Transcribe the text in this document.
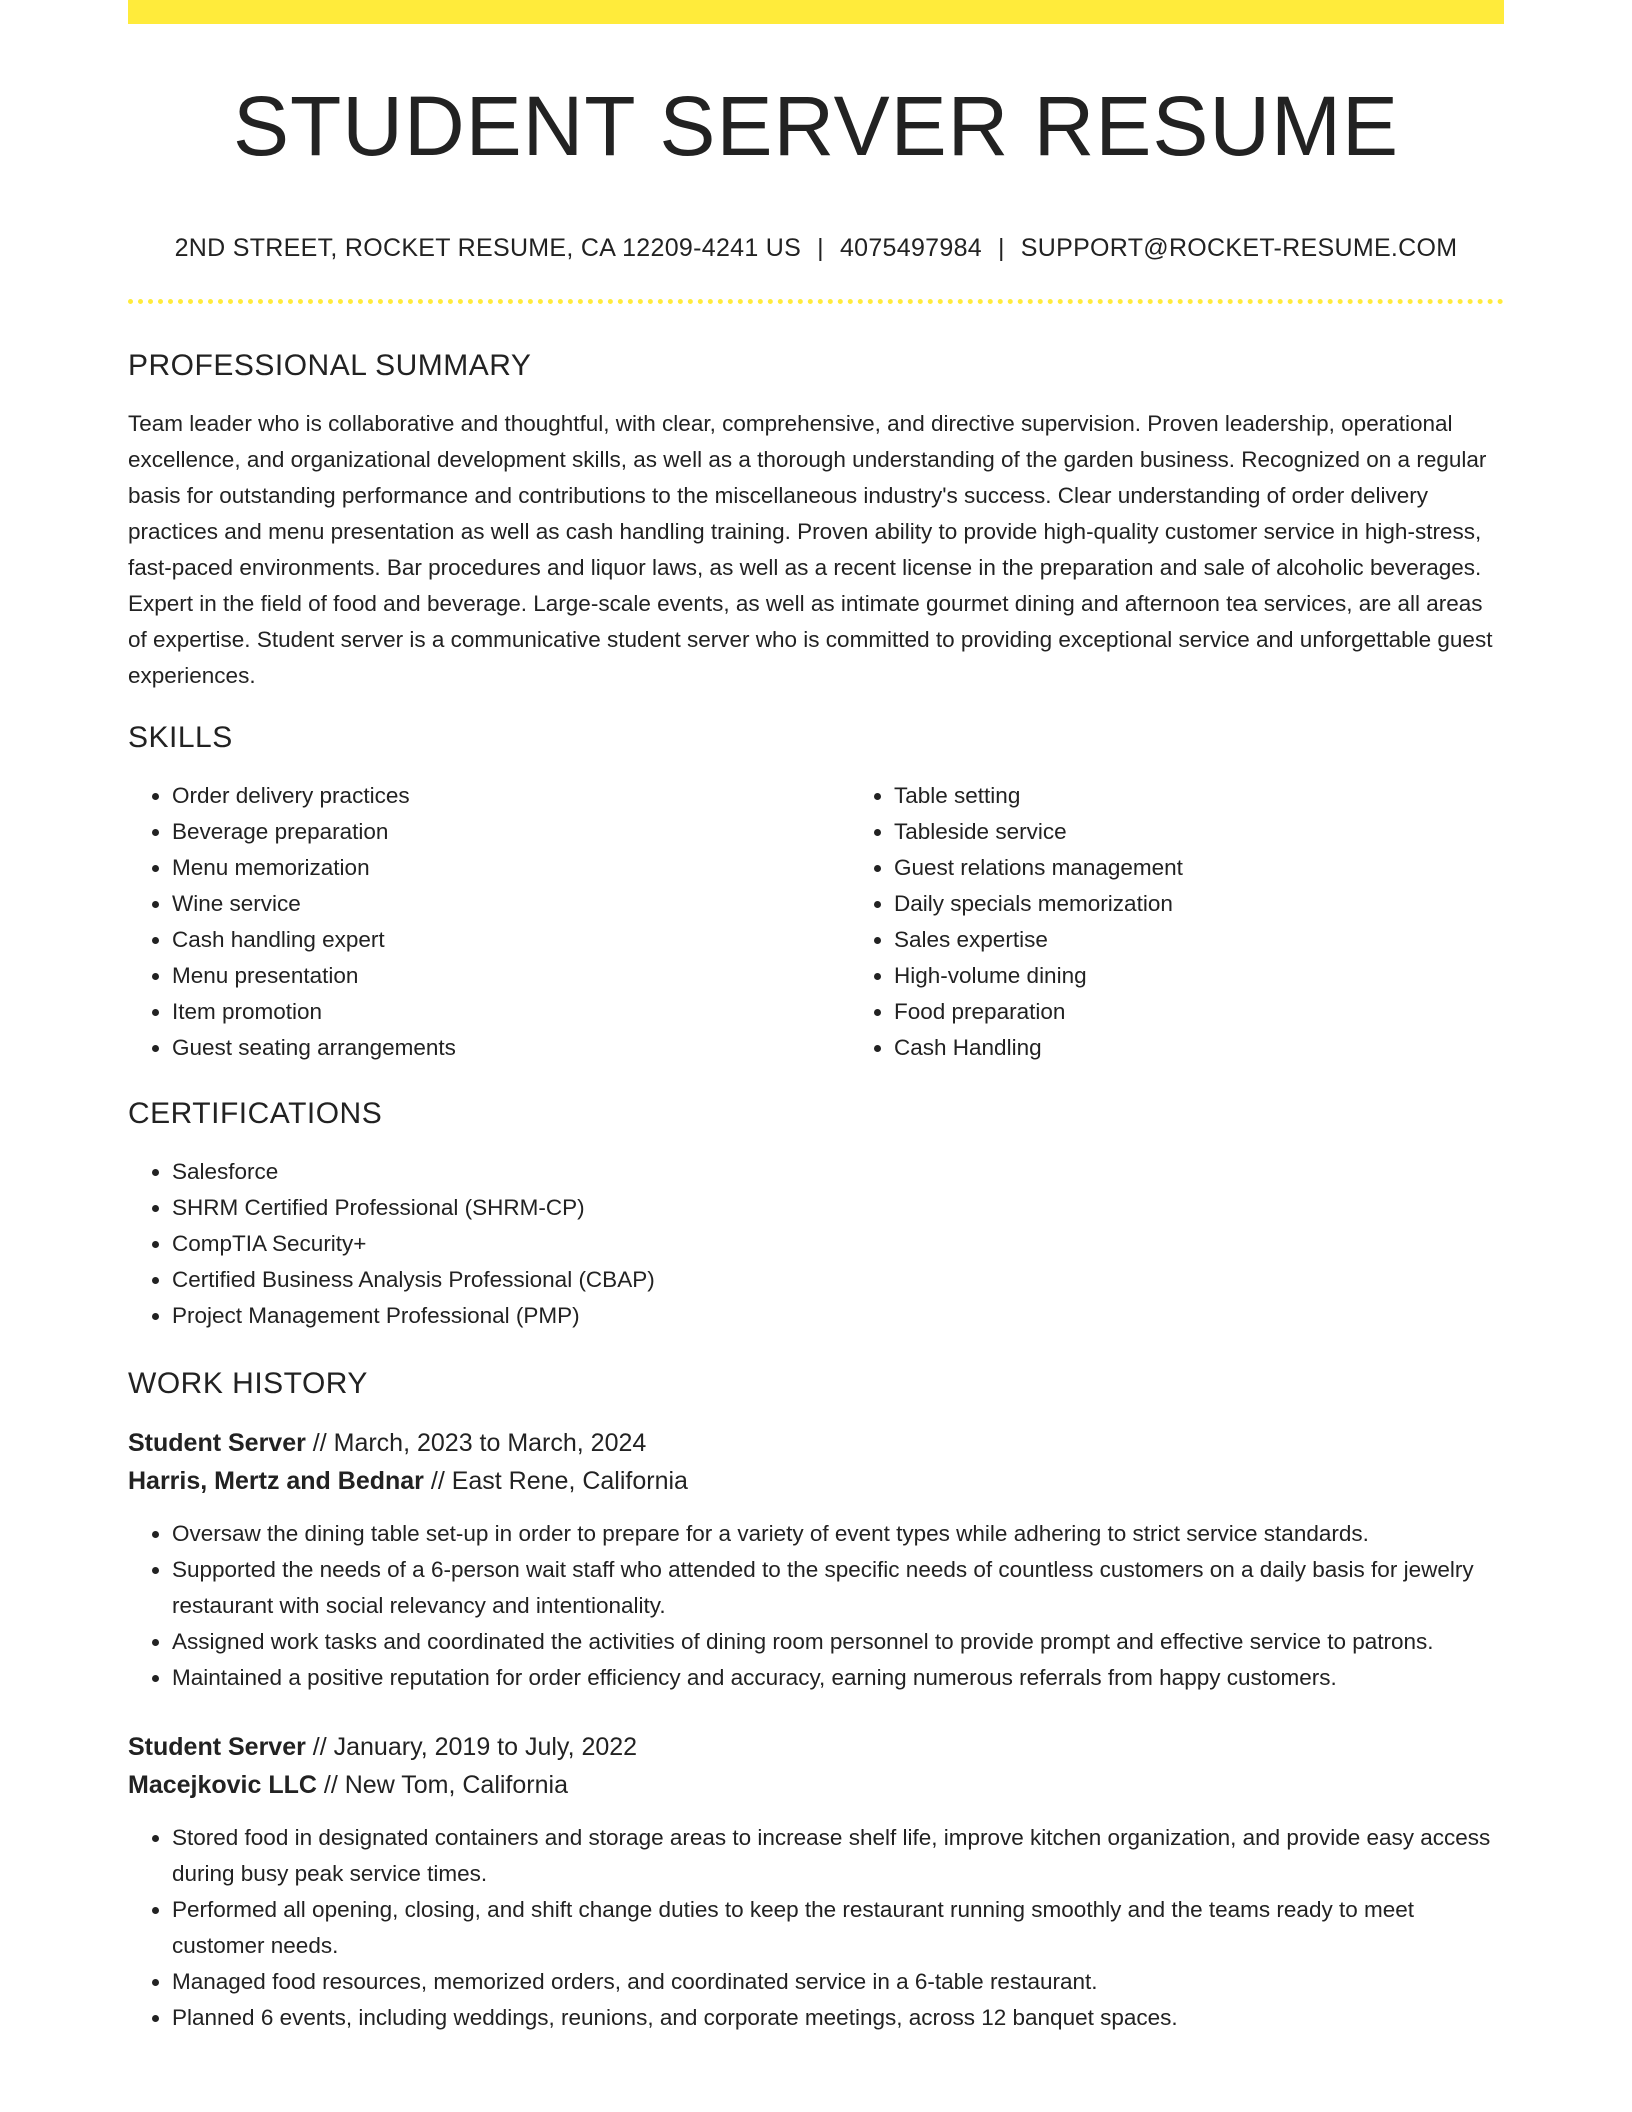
STUDENT SERVER RESUME
2ND STREET, ROCKET RESUME, CA 12209-4241 US | 4075497984 | SUPPORT@ROCKET-RESUME.COM
PROFESSIONAL SUMMARY
Team leader who is collaborative and thoughtful, with clear, comprehensive, and directive supervision. Proven leadership, operational excellence, and organizational development skills, as well as a thorough understanding of the garden business. Recognized on a regular basis for outstanding performance and contributions to the miscellaneous industry's success. Clear understanding of order delivery practices and menu presentation as well as cash handling training. Proven ability to provide high-quality customer service in high-stress, fast-paced environments. Bar procedures and liquor laws, as well as a recent license in the preparation and sale of alcoholic beverages. Expert in the field of food and beverage. Large-scale events, as well as intimate gourmet dining and afternoon tea services, are all areas of expertise. Student server is a communicative student server who is committed to providing exceptional service and unforgettable guest experiences.
SKILLS
• Order delivery practices
• Beverage preparation
• Menu memorization
• Wine service
• Cash handling expert
• Menu presentation
• Item promotion
• Guest seating arrangements
• Table setting
• Tableside service
• Guest relations management
• Daily specials memorization
• Sales expertise
• High-volume dining
• Food preparation
• Cash Handling
CERTIFICATIONS
• Salesforce
• SHRM Certified Professional (SHRM-CP)
• CompTIA Security+
• Certified Business Analysis Professional (CBAP)
• Project Management Professional (PMP)
WORK HISTORY
Student Server // March, 2023 to March, 2024
Harris, Mertz and Bednar // East Rene, California
• Oversaw the dining table set-up in order to prepare for a variety of event types while adhering to strict service standards.
• Supported the needs of a 6-person wait staff who attended to the specific needs of countless customers on a daily basis for jewelry restaurant with social relevancy and intentionality.
• Assigned work tasks and coordinated the activities of dining room personnel to provide prompt and effective service to patrons.
• Maintained a positive reputation for order efficiency and accuracy, earning numerous referrals from happy customers.
Student Server // January, 2019 to July, 2022
Macejkovic LLC // New Tom, California
• Stored food in designated containers and storage areas to increase shelf life, improve kitchen organization, and provide easy access during busy peak service times.
• Performed all opening, closing, and shift change duties to keep the restaurant running smoothly and the teams ready to meet customer needs.
• Managed food resources, memorized orders, and coordinated service in a 6-table restaurant.
• Planned 6 events, including weddings, reunions, and corporate meetings, across 12 banquet spaces.
